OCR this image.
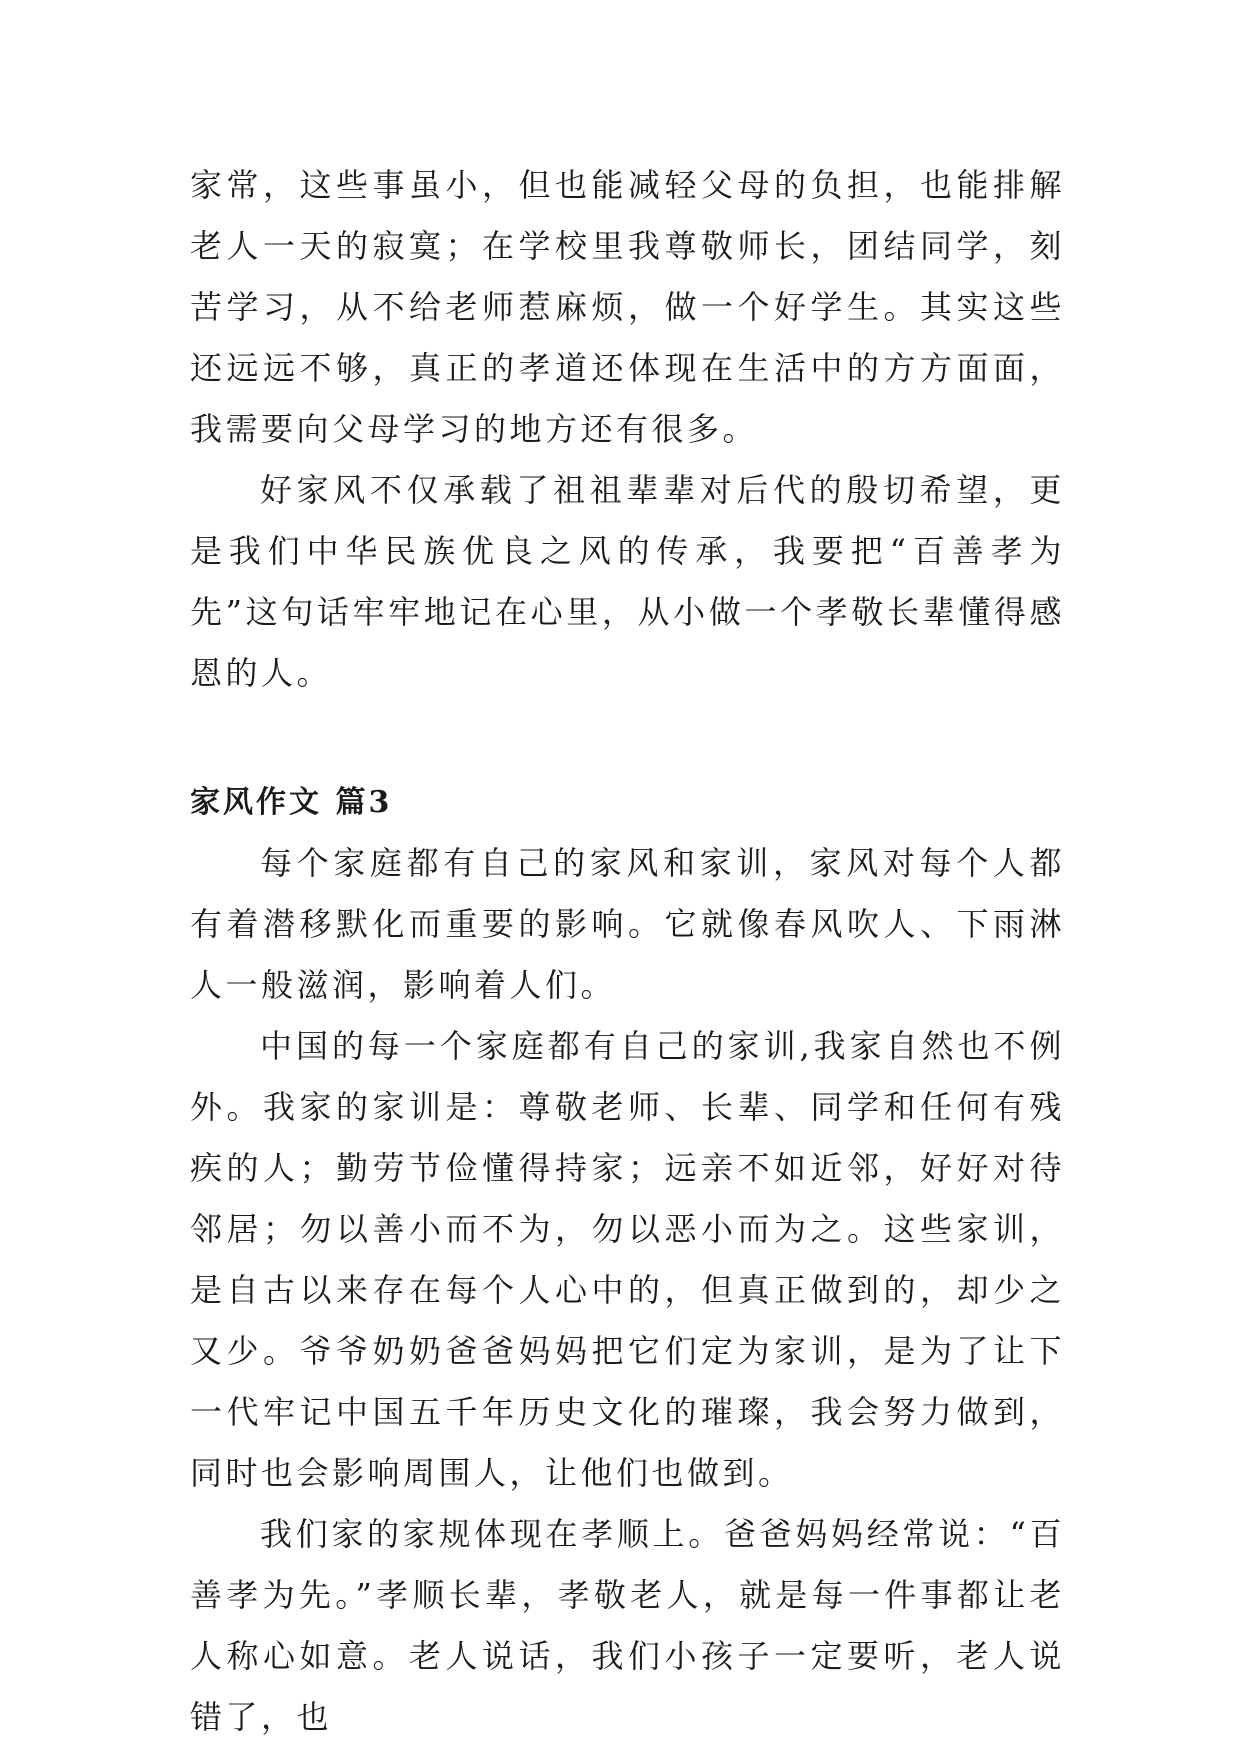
家常，这些事虽小，但也能减轻父母的负担，也能排解老人一天的寂寞；在学校里我尊敬师长，团结同学，刻苦学习，从不给老师惹麻烦，做一个好学生。其实这些还远远不够，真正的孝道还体现在生活中的方方面面，我需要向父母学习的地方还有很多。

好家风不仅承载了祖祖辈辈对后代的殷切希望，更是我们中华民族优良之风的传承，我要把“百善孝为先”这句话牢牢地记在心里，从小做一个孝敬长辈懂得感恩的人。

家风作文 篇3

每个家庭都有自己的家风和家训，家风对每个人都有着潜移默化而重要的影响。它就像春风吹人、下雨淋人一般滋润，影响着人们。

中国的每一个家庭都有自己的家训,我家自然也不例外。我家的家训是：尊敬老师、长辈、同学和任何有残疾的人；勤劳节俭懂得持家；远亲不如近邻，好好对待邻居；勿以善小而不为，勿以恶小而为之。这些家训，是自古以来存在每个人心中的，但真正做到的，却少之又少。爷爷奶奶爸爸妈妈把它们定为家训，是为了让下一代牢记中国五千年历史文化的璀璨，我会努力做到，同时也会影响周围人，让他们也做到。

我们家的家规体现在孝顺上。爸爸妈妈经常说：“百善孝为先。”孝顺长辈，孝敬老人，就是每一件事都让老人称心如意。老人说话，我们小孩子一定要听，老人说错了，也
